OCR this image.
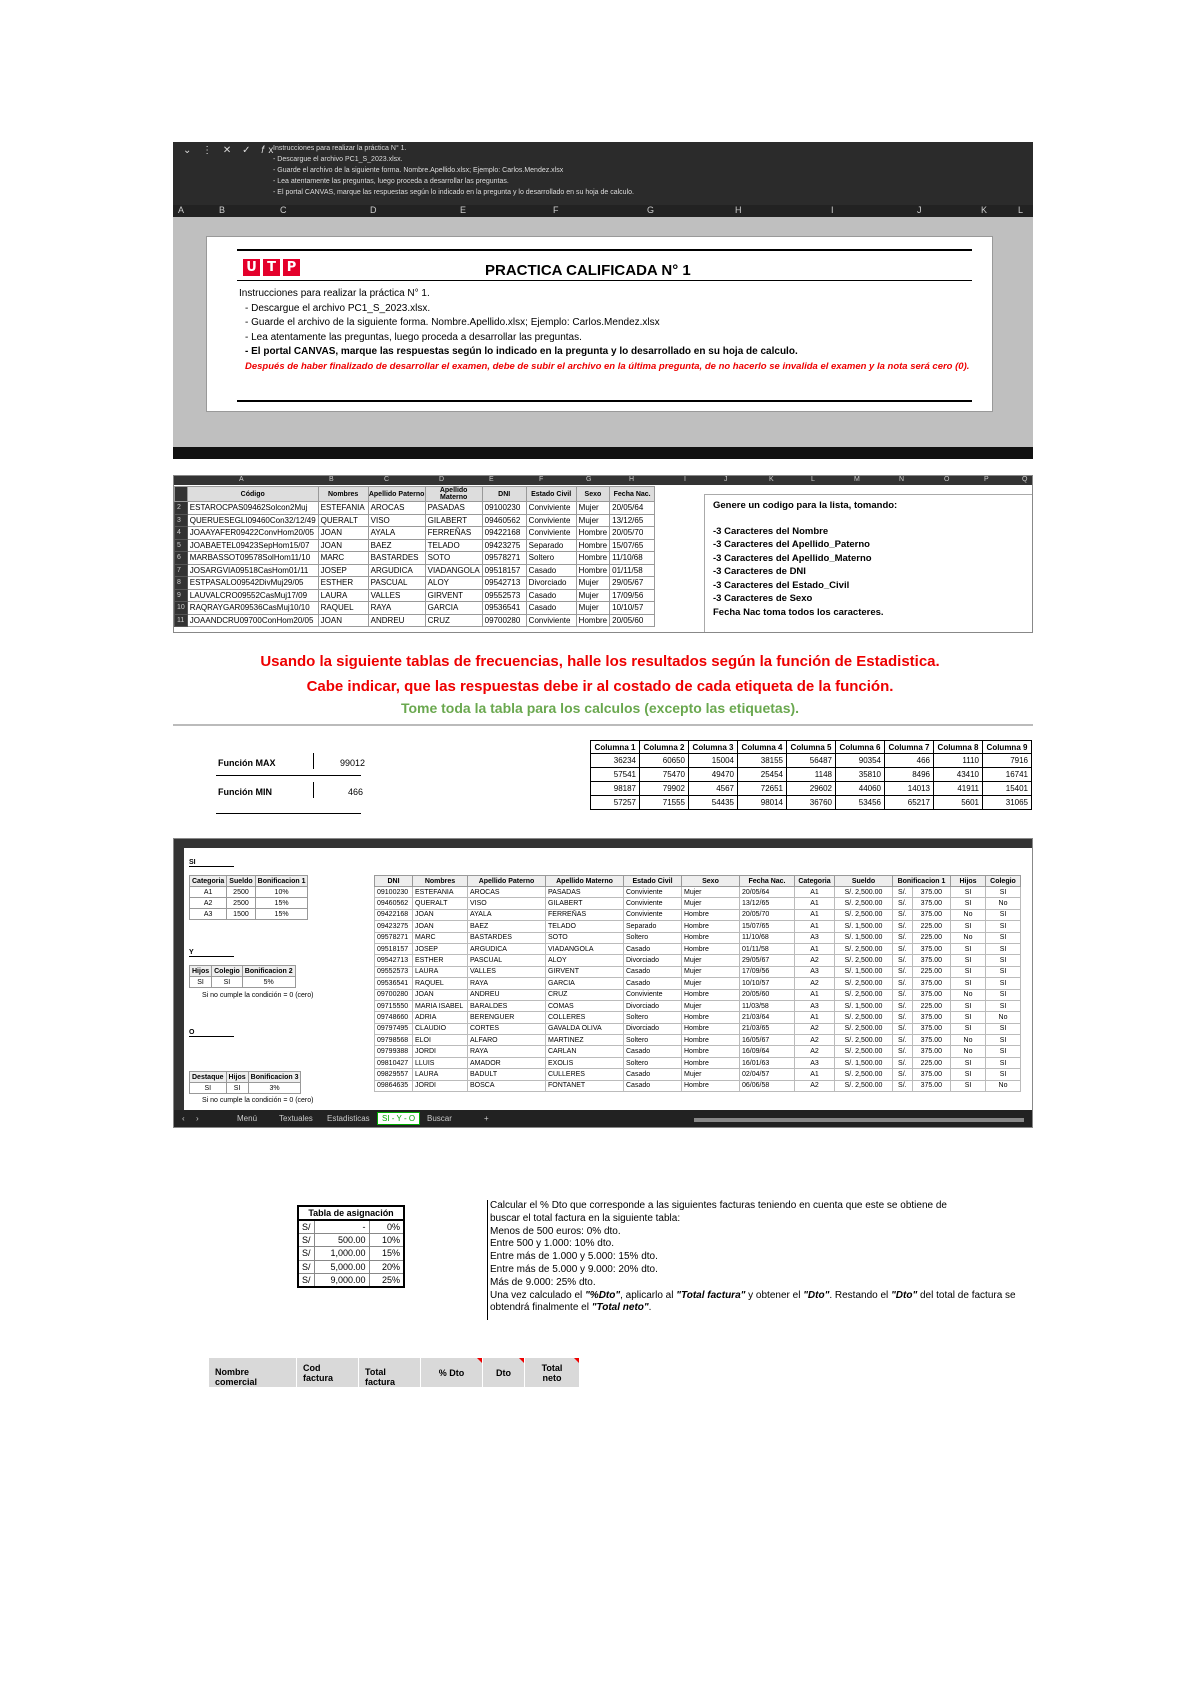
⌄ ⋮ ✕ ✓ 𝑓x
Instrucciones para realizar la práctica N° 1.
- Descargue el archivo PC1_S_2023.xlsx.
- Guarde el archivo de la siguiente forma. Nombre.Apellido.xlsx; Ejemplo: Carlos.Mendez.xlsx
- Lea atentamente las preguntas, luego proceda a desarrollar las preguntas.
- El portal CANVAS, marque las respuestas según lo indicado en la pregunta y lo desarrollado en su hoja de calculo.
A	B	C	D	E	F	G	H	I	J	K	L
U T P	PRACTICA CALIFICADA N° 1
Instrucciones para realizar la práctica N° 1.
- Descargue el archivo PC1_S_2023.xlsx.
- Guarde el archivo de la siguiente forma. Nombre.Apellido.xlsx; Ejemplo: Carlos.Mendez.xlsx
- Lea atentamente las preguntas, luego proceda a desarrollar las preguntas.
- El portal CANVAS, marque las respuestas según lo indicado en la pregunta y lo desarrollado en su hoja de calculo.
Después de haber finalizado de desarrollar el examen, debe de subir el archivo en la última pregunta, de no hacerlo se invalida el examen y la nota será cero (0).
A	B	C	D	E	F	G	H	I	J	K	L	M	N	O	P	Q
	Código	Nombres	Apellido Paterno	Apellido Materno	DNI	Estado Civil	Sexo	Fecha Nac.
2	ESTAROCPAS09462Solcon2Muj	ESTEFANIA	AROCAS	PASADAS	09100230	Conviviente	Mujer	20/05/64
3	QUERUESEGLI09460Con32/12/49	QUERALT	VISO	GILABERT	09460562	Conviviente	Mujer	13/12/65
4	JOAAYAFER09422ConvHom20/05	JOAN	AYALA	FERREÑAS	09422168	Conviviente	Hombre	20/05/70
5	JOABAETEL09423SepHom15/07	JOAN	BAEZ	TELADO	09423275	Separado	Hombre	15/07/65
6	MARBASSOT09578SolHom11/10	MARC	BASTARDES	SOTO	09578271	Soltero	Hombre	11/10/68
7	JOSARGVIA09518CasHom01/11	JOSEP	ARGUDICA	VIADANGOLA	09518157	Casado	Hombre	01/11/58
8	ESTPASALO09542DivMuj29/05	ESTHER	PASCUAL	ALOY	09542713	Divorciado	Mujer	29/05/67
9	LAUVALCRO09552CasMuj17/09	LAURA	VALLES	GIRVENT	09552573	Casado	Mujer	17/09/56
10	RAQRAYGAR09536CasMuj10/10	RAQUEL	RAYA	GARCIA	09536541	Casado	Mujer	10/10/57
11	JOAANDCRU09700ConHom20/05	JOAN	ANDREU	CRUZ	09700280	Conviviente	Hombre	20/05/60
Genere un codigo para la lista, tomando:
-3 Caracteres del Nombre
-3 Caracteres del Apellido_Paterno
-3 Caracteres del Apellido_Materno
-3 Caracteres de DNI
-3 Caracteres del Estado_Civil
-3 Caracteres de Sexo
Fecha Nac toma todos los caracteres.
Usando la siguiente tablas de frecuencias, halle los resultados según la función de Estadistica.
Cabe indicar, que las respuestas debe ir al costado de cada etiqueta de la función.
Tome toda la tabla para los calculos (excepto las etiquetas).
Función MAX	99012
Función MIN	466
Columna 1	Columna 2	Columna 3	Columna 4	Columna 5	Columna 6	Columna 7	Columna 8	Columna 9
36234	60650	15004	38155	56487	90354	466	1110	7916
57541	75470	49470	25454	1148	35810	8496	43410	16741
98187	79902	4567	72651	29602	44060	14013	41911	15401
57257	71555	54435	98014	36760	53456	65217	5601	31065
SI
Categoria	Sueldo	Bonificacion 1
A1	2500	10%
A2	2500	15%
A3	1500	15%
Y
Hijos	Colegio	Bonificacion 2
SI	SI	5%
Si no cumple la condición = 0 (cero)
O
Destaque	Hijos	Bonificacion 3
SI	SI	3%
Si no cumple la condición = 0 (cero)
DNI	Nombres	Apellido Paterno	Apellido Materno	Estado Civil	Sexo	Fecha Nac.	Categoria	Sueldo	Bonificacion 1		Hijos	Colegio
09100230	ESTEFANIA	AROCAS	PASADAS	Conviviente	Mujer	20/05/64	A1	S/. 2,500.00	S/.	375.00	SI	SI
09460562	QUERALT	VISO	GILABERT	Conviviente	Mujer	13/12/65	A1	S/. 2,500.00	S/.	375.00	SI	No
09422168	JOAN	AYALA	FERREÑAS	Conviviente	Hombre	20/05/70	A1	S/. 2,500.00	S/.	375.00	No	SI
09423275	JOAN	BAEZ	TELADO	Separado	Hombre	15/07/65	A1	S/. 1,500.00	S/.	225.00	SI	SI
09578271	MARC	BASTARDES	SOTO	Soltero	Hombre	11/10/68	A3	S/. 1,500.00	S/.	225.00	No	SI
09518157	JOSEP	ARGUDICA	VIADANGOLA	Casado	Hombre	01/11/58	A1	S/. 2,500.00	S/.	375.00	SI	SI
09542713	ESTHER	PASCUAL	ALOY	Divorciado	Mujer	29/05/67	A2	S/. 2,500.00	S/.	375.00	SI	SI
09552573	LAURA	VALLES	GIRVENT	Casado	Mujer	17/09/56	A3	S/. 1,500.00	S/.	225.00	SI	SI
09536541	RAQUEL	RAYA	GARCIA	Casado	Mujer	10/10/57	A2	S/. 2,500.00	S/.	375.00	SI	SI
09700280	JOAN	ANDREU	CRUZ	Conviviente	Hombre	20/05/60	A1	S/. 2,500.00	S/.	375.00	No	SI
09715550	MARIA ISABEL	BARALDES	COMAS	Divorciado	Mujer	11/03/58	A3	S/. 1,500.00	S/.	225.00	SI	SI
09748660	ADRIA	BERENGUER	COLLERES	Soltero	Hombre	21/03/64	A1	S/. 2,500.00	S/.	375.00	SI	No
09797495	CLAUDIO	CORTES	GAVALDA OLIVA	Divorciado	Hombre	21/03/65	A2	S/. 2,500.00	S/.	375.00	SI	SI
09798568	ELOI	ALFARO	MARTINEZ	Soltero	Hombre	16/05/67	A2	S/. 2,500.00	S/.	375.00	No	SI
09799388	JORDI	RAYA	CARLAN	Casado	Hombre	16/09/64	A2	S/. 2,500.00	S/.	375.00	No	SI
09810427	LLUIS	AMADOR	EXOLIS	Soltero	Hombre	16/01/63	A3	S/. 1,500.00	S/.	225.00	SI	SI
09829557	LAURA	BADULT	CULLERES	Casado	Mujer	02/04/57	A1	S/. 2,500.00	S/.	375.00	SI	SI
09864635	JORDI	BOSCA	FONTANET	Casado	Hombre	06/06/58	A2	S/. 2,500.00	S/.	375.00	SI	No
‹ ›	Menú	Textuales Estadisticas	SI - Y - O	Buscar	+
Tabla de asignación		
S/	-	0%
S/	500.00	10%
S/	1,000.00	15%
S/	5,000.00	20%
S/	9,000.00	25%

Calcular el % Dto que corresponde a las siguientes facturas teniendo en cuenta que este se obtiene de

buscar el total factura en la siguiente tabla:

Menos de 500 euros: 0% dto.

Entre 500 y 1.000: 10% dto.

Entre más de 1.000 y 5.000: 15% dto.

Entre más de 5.000 y 9.000: 20% dto.

Más de 9.000: 25% dto.

Una vez calculado el "%Dto", aplicarlo al "Total factura" y obtener el "Dto". Restando el "Dto" del total de factura se obtendrá finalmente el "Total neto".

Nombre comercial	Cod factura	Total factura	% Dto	Dto	Total neto
